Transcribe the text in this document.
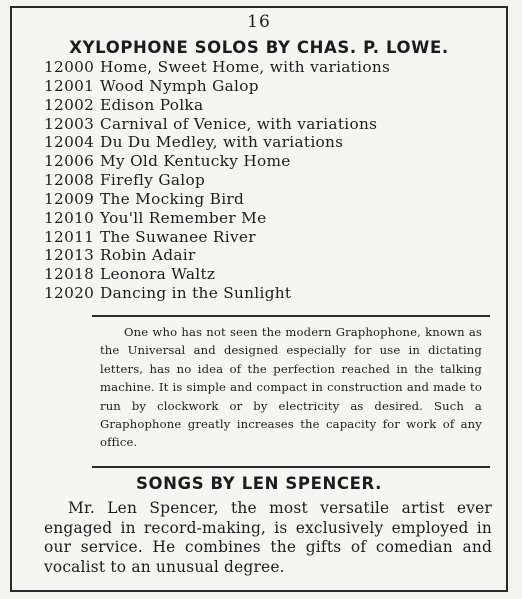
16
XYLOPHONE SOLOS BY CHAS. P. LOWE.
12000 Home, Sweet Home, with variations
12001 Wood Nymph Galop
12002 Edison Polka
12003 Carnival of Venice, with variations
12004 Du Du Medley, with variations
12006 My Old Kentucky Home
12008 Firefly Galop
12009 The Mocking Bird
12010 You'll Remember Me
12011 The Suwanee River
12013 Robin Adair
12018 Leonora Waltz
12020 Dancing in the Sunlight

One who has not seen the modern Graphophone, known as the Universal and designed especially for use in dictating letters, has no idea of the perfection reached in the talking machine. It is simple and compact in construction and made to run by clockwork or by electricity as desired. Such a Graphophone greatly increases the capacity for work of any office.

SONGS BY LEN SPENCER.

Mr. Len Spencer, the most versatile artist ever engaged in record-making, is exclusively employed in our service. He combines the gifts of comedian and vocalist to an unusual degree.
